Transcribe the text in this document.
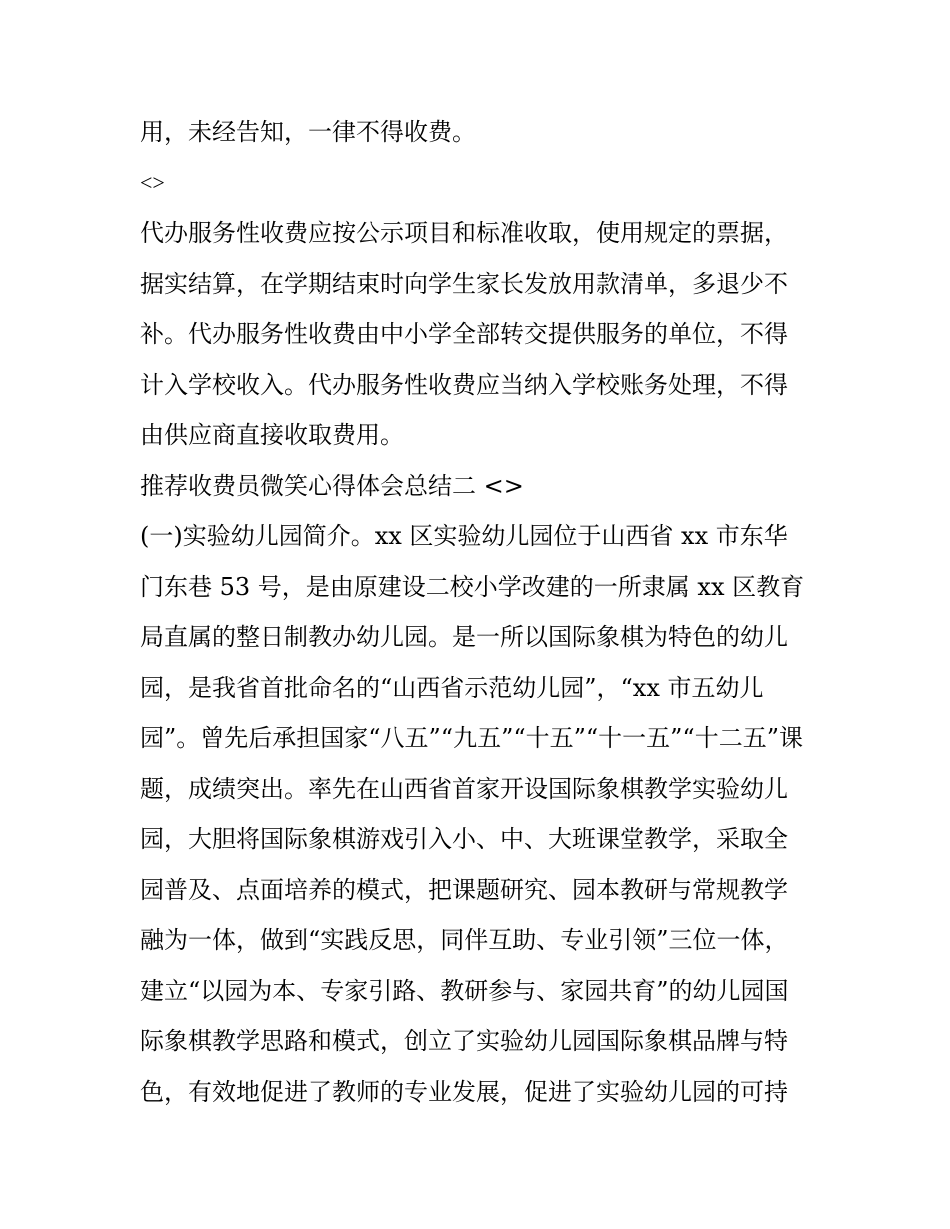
用，未经告知，一律不得收费。
<>
代办服务性收费应按公示项目和标准收取，使用规定的票据，
据实结算，在学期结束时向学生家长发放用款清单，多退少不
补。代办服务性收费由中小学全部转交提供服务的单位，不得
计入学校收入。代办服务性收费应当纳入学校账务处理，不得
由供应商直接收取费用。
推荐收费员微笑心得体会总结二 <>
(一)实验幼儿园简介。xx 区实验幼儿园位于山西省 xx 市东华
门东巷 53 号，是由原建设二校小学改建的一所隶属 xx 区教育
局直属的整日制教办幼儿园。是一所以国际象棋为特色的幼儿
园，是我省首批命名的“山西省示范幼儿园”，“xx 市五幼儿
园”。曾先后承担国家“八五”“九五”“十五”“十一五”“十二五”课
题，成绩突出。率先在山西省首家开设国际象棋教学实验幼儿
园，大胆将国际象棋游戏引入小、中、大班课堂教学，采取全
园普及、点面培养的模式，把课题研究、园本教研与常规教学
融为一体，做到“实践反思，同伴互助、专业引领”三位一体，
建立“以园为本、专家引路、教研参与、家园共育”的幼儿园国
际象棋教学思路和模式，创立了实验幼儿园国际象棋品牌与特
色，有效地促进了教师的专业发展，促进了实验幼儿园的可持
